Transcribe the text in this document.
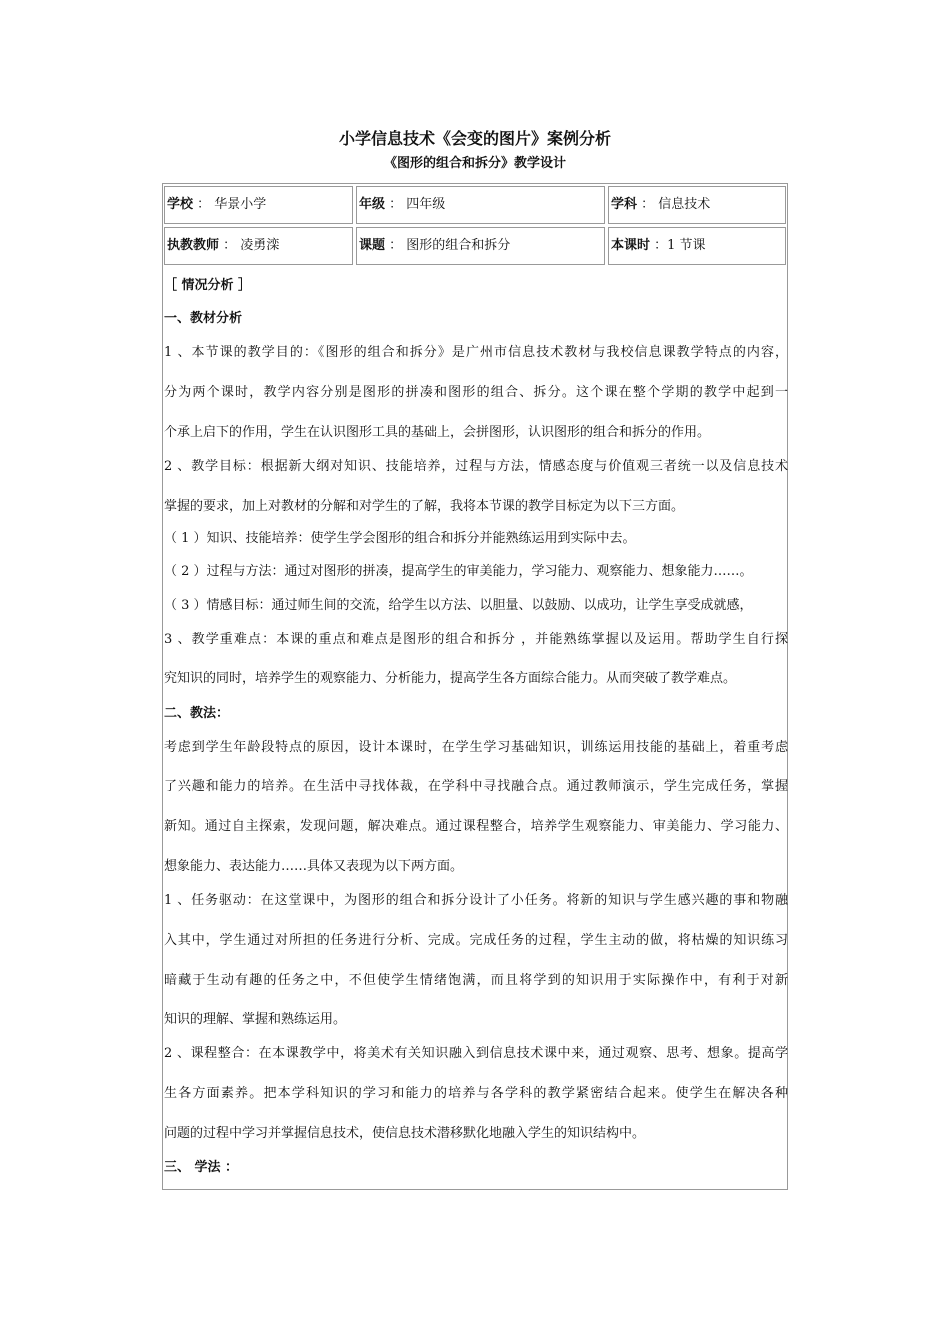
小学信息技术《会变的图片》案例分析
《图形的组合和拆分》教学设计
学校 ： 华景小学	年级 ： 四年级	学科 ： 信息技术
执教教师 ： 凌勇滦	课题 ： 图形的组合和拆分	本课时 ：1 节课
［ 情况分析 ］
一、教材分析
1 、本节课的教学目的：《图形的组合和拆分》是广州市信息技术教材与我校信息课教学特点的内容，
分为两个课时，教学内容分别是图形的拼凑和图形的组合、拆分。这个课在整个学期的教学中起到一
个承上启下的作用，学生在认识图形工具的基础上，会拼图形，认识图形的组合和拆分的作用。
2 、教学目标：根据新大纲对知识、技能培养，过程与方法，情感态度与价值观三者统一以及信息技术
掌握的要求，加上对教材的分解和对学生的了解，我将本节课的教学目标定为以下三方面。
（ 1 ）知识、技能培养：使学生学会图形的组合和拆分并能熟练运用到实际中去。
（ 2 ）过程与方法：通过对图形的拼凑，提高学生的审美能力，学习能力、观察能力、想象能力……。
（ 3 ）情感目标：通过师生间的交流，给学生以方法、以胆量、以鼓励、以成功，让学生享受成就感，
3 、教学重难点：本课的重点和难点是图形的组合和拆分 ，并能熟练掌握以及运用。帮助学生自行探
究知识的同时，培养学生的观察能力、分析能力，提高学生各方面综合能力。从而突破了教学难点。
二、教法：
考虑到学生年龄段特点的原因，设计本课时，在学生学习基础知识，训练运用技能的基础上，着重考虑
了兴趣和能力的培养。在生活中寻找体裁，在学科中寻找融合点。通过教师演示，学生完成任务，掌握
新知。通过自主探索，发现问题，解决难点。通过课程整合，培养学生观察能力、审美能力、学习能力、
想象能力、表达能力……具体又表现为以下两方面。
1 、任务驱动：在这堂课中，为图形的组合和拆分设计了小任务。将新的知识与学生感兴趣的事和物融
入其中，学生通过对所担的任务进行分析、完成。完成任务的过程，学生主动的做，将枯燥的知识练习
暗藏于生动有趣的任务之中，不但使学生情绪饱满，而且将学到的知识用于实际操作中，有利于对新
知识的理解、掌握和熟练运用。
2 、课程整合：在本课教学中，将美术有关知识融入到信息技术课中来，通过观察、思考、想象。提高学
生各方面素养。把本学科知识的学习和能力的培养与各学科的教学紧密结合起来。使学生在解决各种
问题的过程中学习并掌握信息技术，使信息技术潜移默化地融入学生的知识结构中。
三、 学法 ：
